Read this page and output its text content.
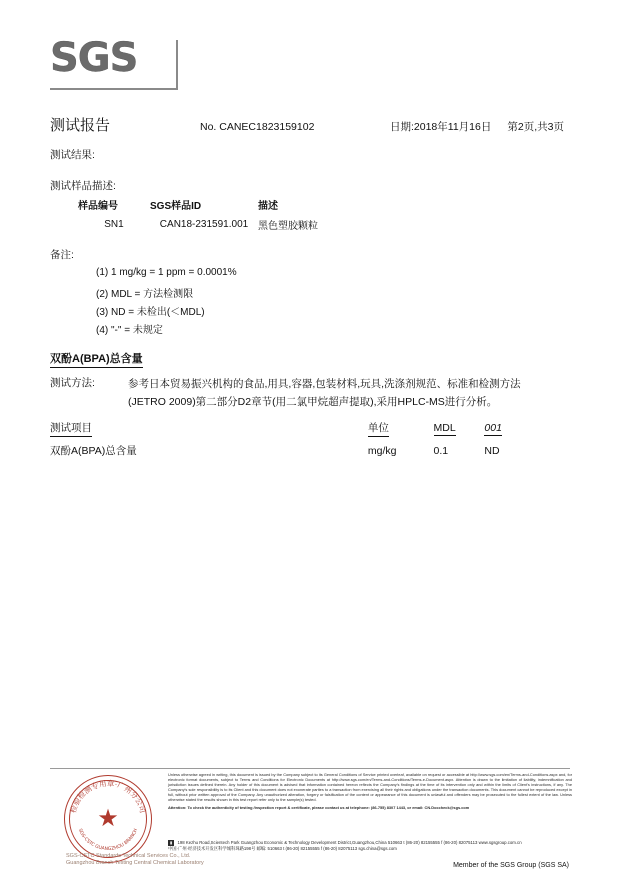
SGS
测试报告	No. CANEC1823159102	日期:2018年11月16日 第2页,共3页
测试结果:
测试样品描述:
样品编号	SGS样品ID	描述
SN1	CAN18-231591.001	黑色塑胶颗粒
备注:
(1) 1 mg/kg = 1 ppm = 0.0001%
(2) MDL = 方法检测限
(3) ND = 未检出(＜MDL)
(4) "-" = 未规定
双酚A(BPA)总含量
测试方法:	参考日本贸易振兴机构的食品,用具,容器,包装材料,玩具,洗涤剂规范、标准和检测方法(JETRO 2009)第二部分D2章节(用二氯甲烷超声提取),采用HPLC-MS进行分析。
测试项目	单位	MDL	001
双酚A(BPA)总含量	mg/kg	0.1	ND
检验检测专用章·广州分公司
SGS-CSTC GUANGZHOU BRANCH
★
SGS-CSTC Standards Technical Services Co., Ltd.
Guangzhou Branch Testing Central Chemical Laboratory
Unless otherwise agreed in writing, this document is issued by the Company subject to its General Conditions of Service printed overleaf, available on request or accessible at http://www.sgs.com/en/Terms-and-Conditions.aspx and, for electronic format documents, subject to Terms and Conditions for Electronic Documents at http://www.sgs.com/en/Terms-and-Conditions/Terms-e-Document.aspx. Attention is drawn to the limitation of liability, indemnification and jurisdiction issues defined therein. Any holder of this document is advised that information contained hereon reflects the Company's findings at the time of its intervention only and within the limits of Client's instructions, if any. The Company's sole responsibility is to its Client and this document does not exonerate parties to a transaction from exercising all their rights and obligations under the transaction documents. This document cannot be reproduced except in full, without prior written approval of the Company. Any unauthorized alteration, forgery or falsification of the content or appearance of this document is unlawful and offenders may be prosecuted to the fullest extent of the law. Unless otherwise stated the results shown in this test report refer only to the sample(s) tested.
Attention: To check the authenticity of testing /inspection report & certificate, please contact us at telephone: (86-755) 8307 1443, or email: CN.Doccheck@sgs.com
▮ 198 Kezhu Road,Scientech Park Guangzhou Economic & Technology Development District,Guangzhou,China 510663 t (86-20) 82155555 f (86-20) 82075113 www.sgsgroup.com.cn
中国·广州·经济技术开发区科学城科珠路198号 邮编: 510663 t (86-20) 82155555 f (86-20) 82075113 sgs.china@sgs.com
Member of the SGS Group (SGS SA)
